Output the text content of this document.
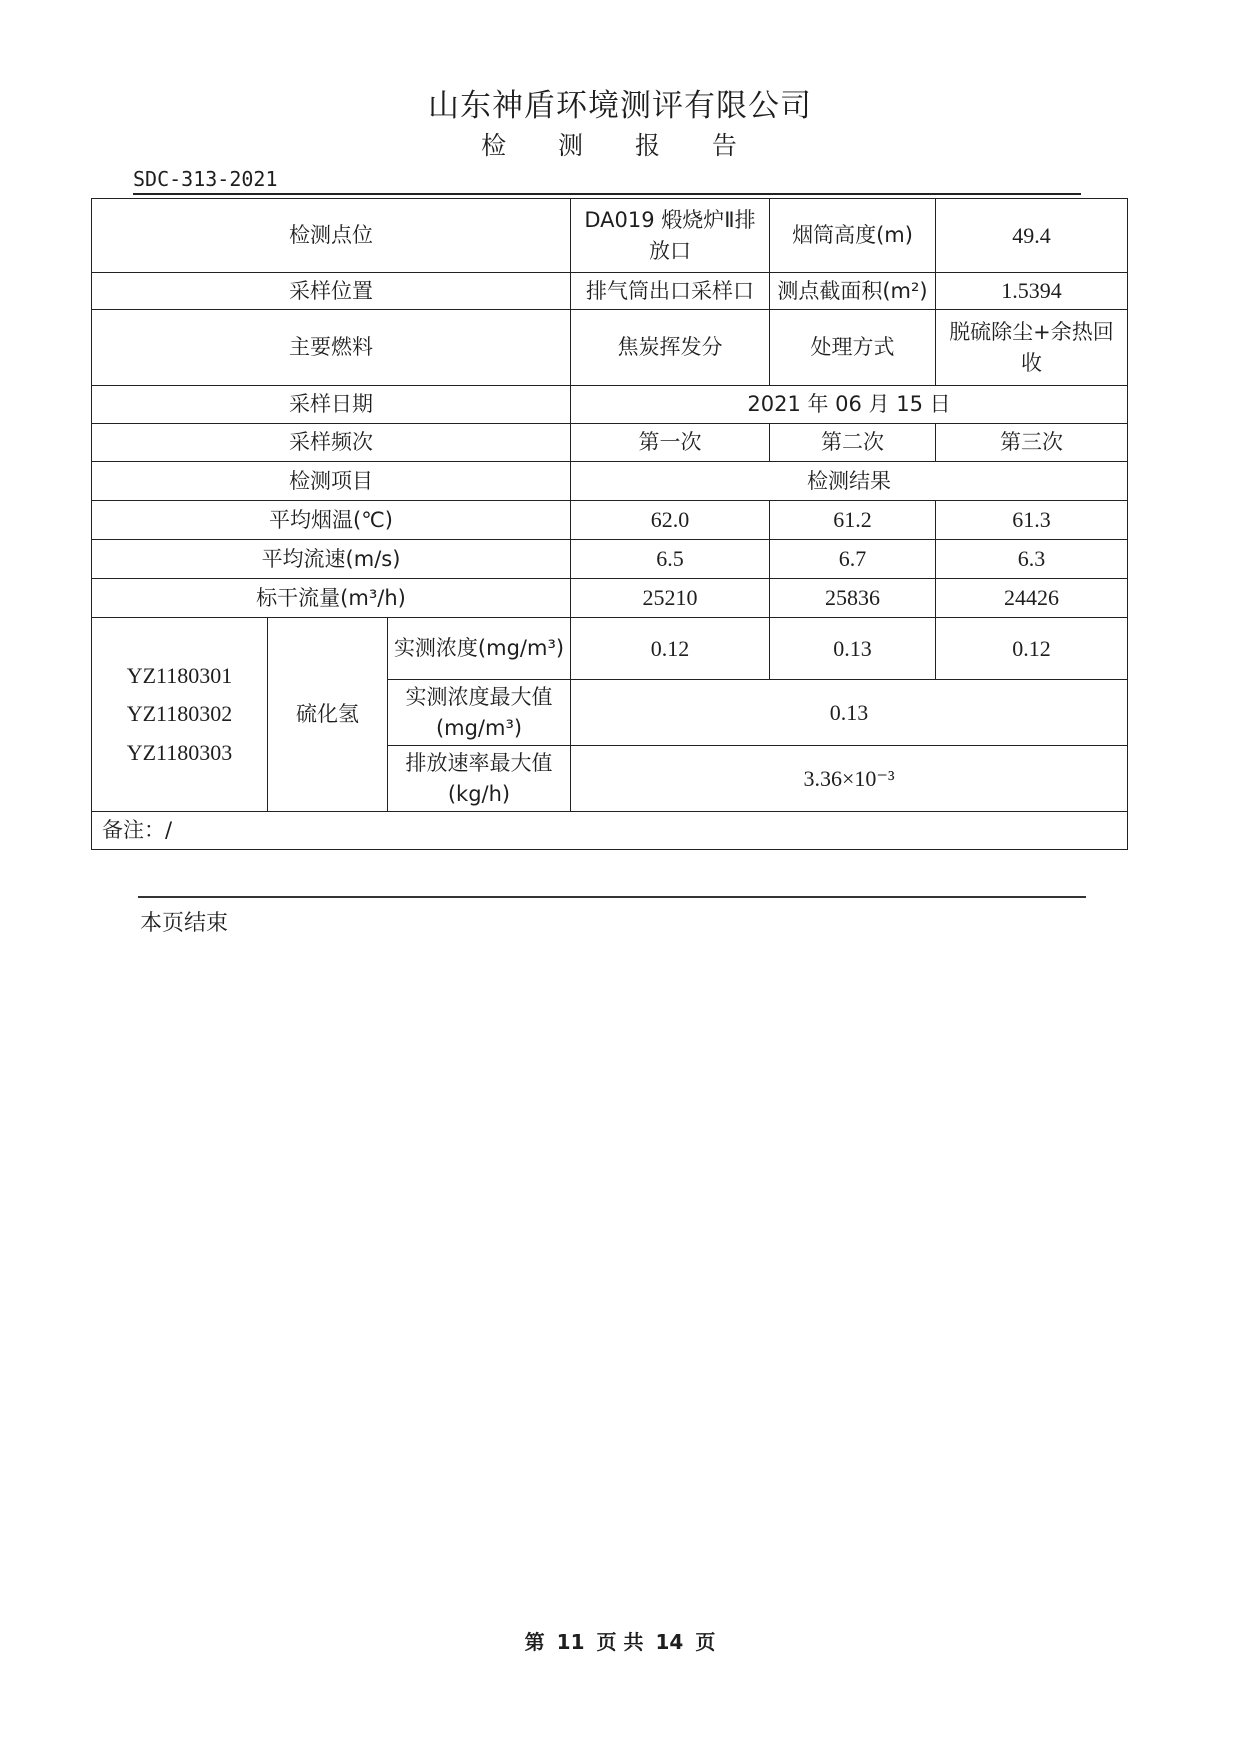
山东神盾环境测评有限公司
检 测 报 告
SDC-313-2021
检测点位			DA019 煅烧炉Ⅱ排放口	烟筒高度(m)	49.4
采样位置			排气筒出口采样口	测点截面积(m²)	1.5394
主要燃料			焦炭挥发分	处理方式	脱硫除尘+余热回收
采样日期			2021 年 06 月 15 日		
采样频次			第一次	第二次	第三次
检测项目			检测结果		
平均烟温(℃)			62.0	61.2	61.3
平均流速(m/s)			6.5	6.7	6.3
标干流量(m³/h)			25210	25836	24426

YZ1180301
YZ1180302
YZ1180303	硫化氢	实测浓度(mg/m³)	0.12	0.13	0.12
		实测浓度最大值(mg/m³)	0.13		
		排放速率最大值(kg/h)	3.36×10⁻³		
备注：/					
本页结束
第 11 页 共 14 页
